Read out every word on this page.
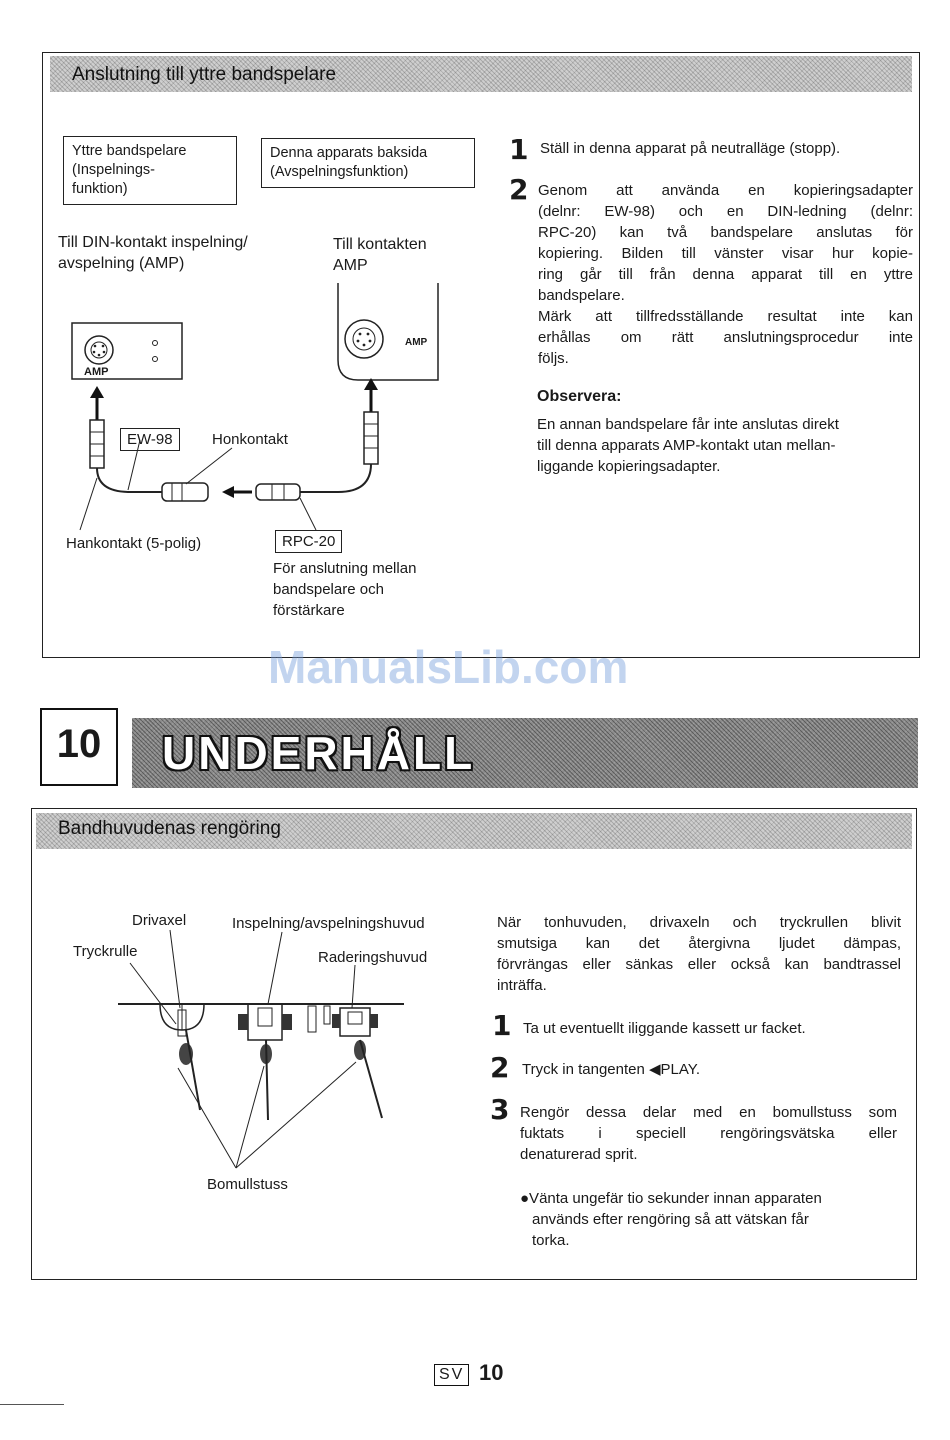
Anslutning till yttre bandspelare
Yttre bandspelare
(Inspelnings-
funktion)
Denna apparats baksida
(Avspelningsfunktion)
Till DIN-kontakt inspelning/
avspelning (AMP)
Till kontakten
AMP
EW-98	Honkontakt
Hankontakt (5-polig)	RPC-20
För anslutning mellan
bandspelare och
förstärkare
AMP
AMP
1 Ställ in denna apparat på neutralläge (stopp).
2 Genom att använda en kopieringsadapter
(delnr: EW-98) och en DIN-ledning (delnr:
RPC-20) kan två bandspelare anslutas för
kopiering. Bilden till vänster visar hur kopie-
ring går till från denna apparat till en yttre
bandspelare.
Märk att tillfredsställande resultat inte kan
erhållas om rätt anslutningsprocedur inte
följs.
Observera:
En annan bandspelare får inte anslutas direkt
till denna apparats AMP-kontakt utan mellan-
liggande kopieringsadapter.
ManualsLib.com
10	UNDERHÅLL
Bandhuvudenas rengöring
Drivaxel	Inspelning/avspelningshuvud
Tryckrulle	Raderingshuvud
Bomullstuss
När tonhuvuden, drivaxeln och tryckrullen blivit
smutsiga kan det återgivna ljudet dämpas,
förvrängas eller sänkas eller också kan bandtrassel
inträffa.
1 Ta ut eventuellt iliggande kassett ur facket.
2 Tryck in tangenten ◀PLAY.
3 Rengör dessa delar med en bomullstuss som
fuktats i speciell rengöringsvätska eller
denaturerad sprit.
●Vänta ungefär tio sekunder innan apparaten
används efter rengöring så att vätskan får
torka.
SV 10
